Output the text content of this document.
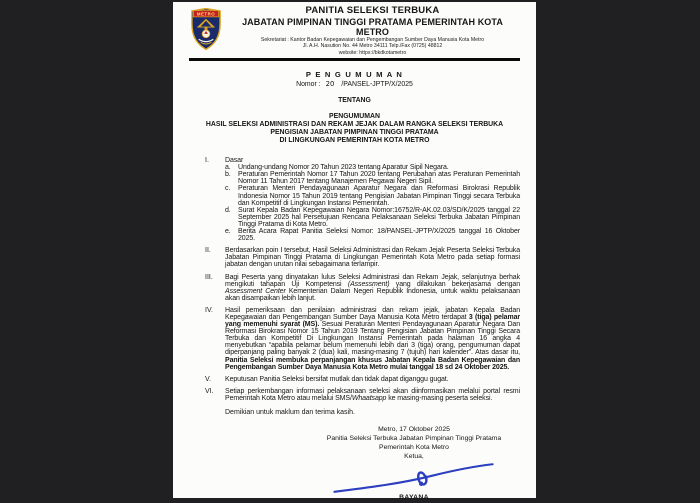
METRO	PANITIA SELEKSI TERBUKA
JABATAN PIMPINAN TINGGI PRATAMA PEMERINTAH KOTA METRO
Sekretariat : Kantor Badan Kepegawaian dan Pengembangan Sumber Daya Manusia Kota Metro
Jl. A.H. Nasution No. 44 Metro 34111 Telp./Fax (0725) 48812
website: https://bkdkotametro
P E N G U M U M A N
Nomor : 20 /PANSEL-JPTP/X/2025
TENTANG
PENGUMUMAN
HASIL SELEKSI ADMINISTRASI DAN REKAM JEJAK DALAM RANGKA SELEKSI TERBUKA
PENGISIAN JABATAN PIMPINAN TINGGI PRATAMA
DI LINGKUNGAN PEMERINTAH KOTA METRO
I.	Dasar
a.	Undang-undang Nomor 20 Tahun 2023 tentang Aparatur Sipil Negara.
b.	Peraturan Pemerintah Nomor 17 Tahun 2020 tentang Perubahan atas Peraturan Pemerintah Nomor 11 Tahun 2017 tentang Manajemen Pegawai Negeri Sipil.
c.	Peraturan Menteri Pendayagunaan Aparatur Negara dan Reformasi Birokrasi Republik Indonesia Nomor 15 Tahun 2019 tentang Pengisian Jabatan Pimpinan Tinggi secara Terbuka dan Kompetitif di Lingkungan Instansi Pemerintah.
d.	Surat Kepala Badan Kepegawaian Negara Nomor:16752/R-AK.02.03/SD/K/2025 tanggal 22 September 2025 hal Persetujuan Rencana Pelaksanaan Seleksi Terbuka Jabatan Pimpinan Tinggi Pratama di Kota Metro.
e.	Berita Acara Rapat Panitia Seleksi Nomor: 18/PANSEL-JPTP/X/2025 tanggal 16 Oktober 2025.
II.	Berdasarkan poin I tersebut, Hasil Seleksi Administrasi dan Rekam Jejak Peserta Seleksi Terbuka Jabatan Pimpinan Tinggi Pratama di Lingkungan Pemerintah Kota Metro pada setiap formasi jabatan dengan urutan nilai sebagaimana terlampir.
III.	Bagi Peserta yang dinyatakan lulus Seleksi Administrasi dan Rekam Jejak, selanjutnya berhak mengikuti tahapan Uji Kompetensi (Assessment) yang dilakukan bekerjasama dengan Assessment Center Kementerian Dalam Negeri Republik Indonesia, untuk waktu pelaksanaan akan disampaikan lebih lanjut.
IV.	Hasil pemeriksaan dan penilaian administrasi dan rekam jejak, jabatan Kepala Badan Kepegawaian dan Pengembangan Sumber Daya Manusia Kota Metro terdapat 3 (tiga) pelamar yang memenuhi syarat (MS). Sesuai Peraturan Menteri Pendayagunaan Aparatur Negara Dan Reformasi Birokrasi Nomor 15 Tahun 2019 Tentang Pengisian Jabatan Pimpinan Tinggi Secara Terbuka dan Kompetitif Di Lingkungan Instansi Pemerintah pada halaman 16 angka 4 menyebutkan “apabila pelamar belum memenuhi lebih dari 3 (tiga) orang, pengumuman dapat diperpanjang paling banyak 2 (dua) kali, masing-masing 7 (tujuh) hari kalender”. Atas dasar itu, Panitia Seleksi membuka perpanjangan khusus Jabatan Kepala Badan Kepegawaian dan Pengembangan Sumber Daya Manusia Kota Metro mulai tanggal 18 sd 24 Oktober 2025.
V.	Keputusan Panitia Seleksi bersifat mutlak dan tidak dapat diganggu gugat.
VI.	Setiap perkembangan informasi pelaksanaan seleksi akan diinformasikan melalui portal resmi Pemerintah Kota Metro atau melalui SMS/Whaatsapp ke masing-masing peserta seleksi.
Demikian untuk maklum dan terima kasih.
Metro, 17 Oktober 2025
Panitia Seleksi Terbuka Jabatan Pimpinan Tinggi Pratama
Pemerintah Kota Metro
Ketua,
BAYANA
